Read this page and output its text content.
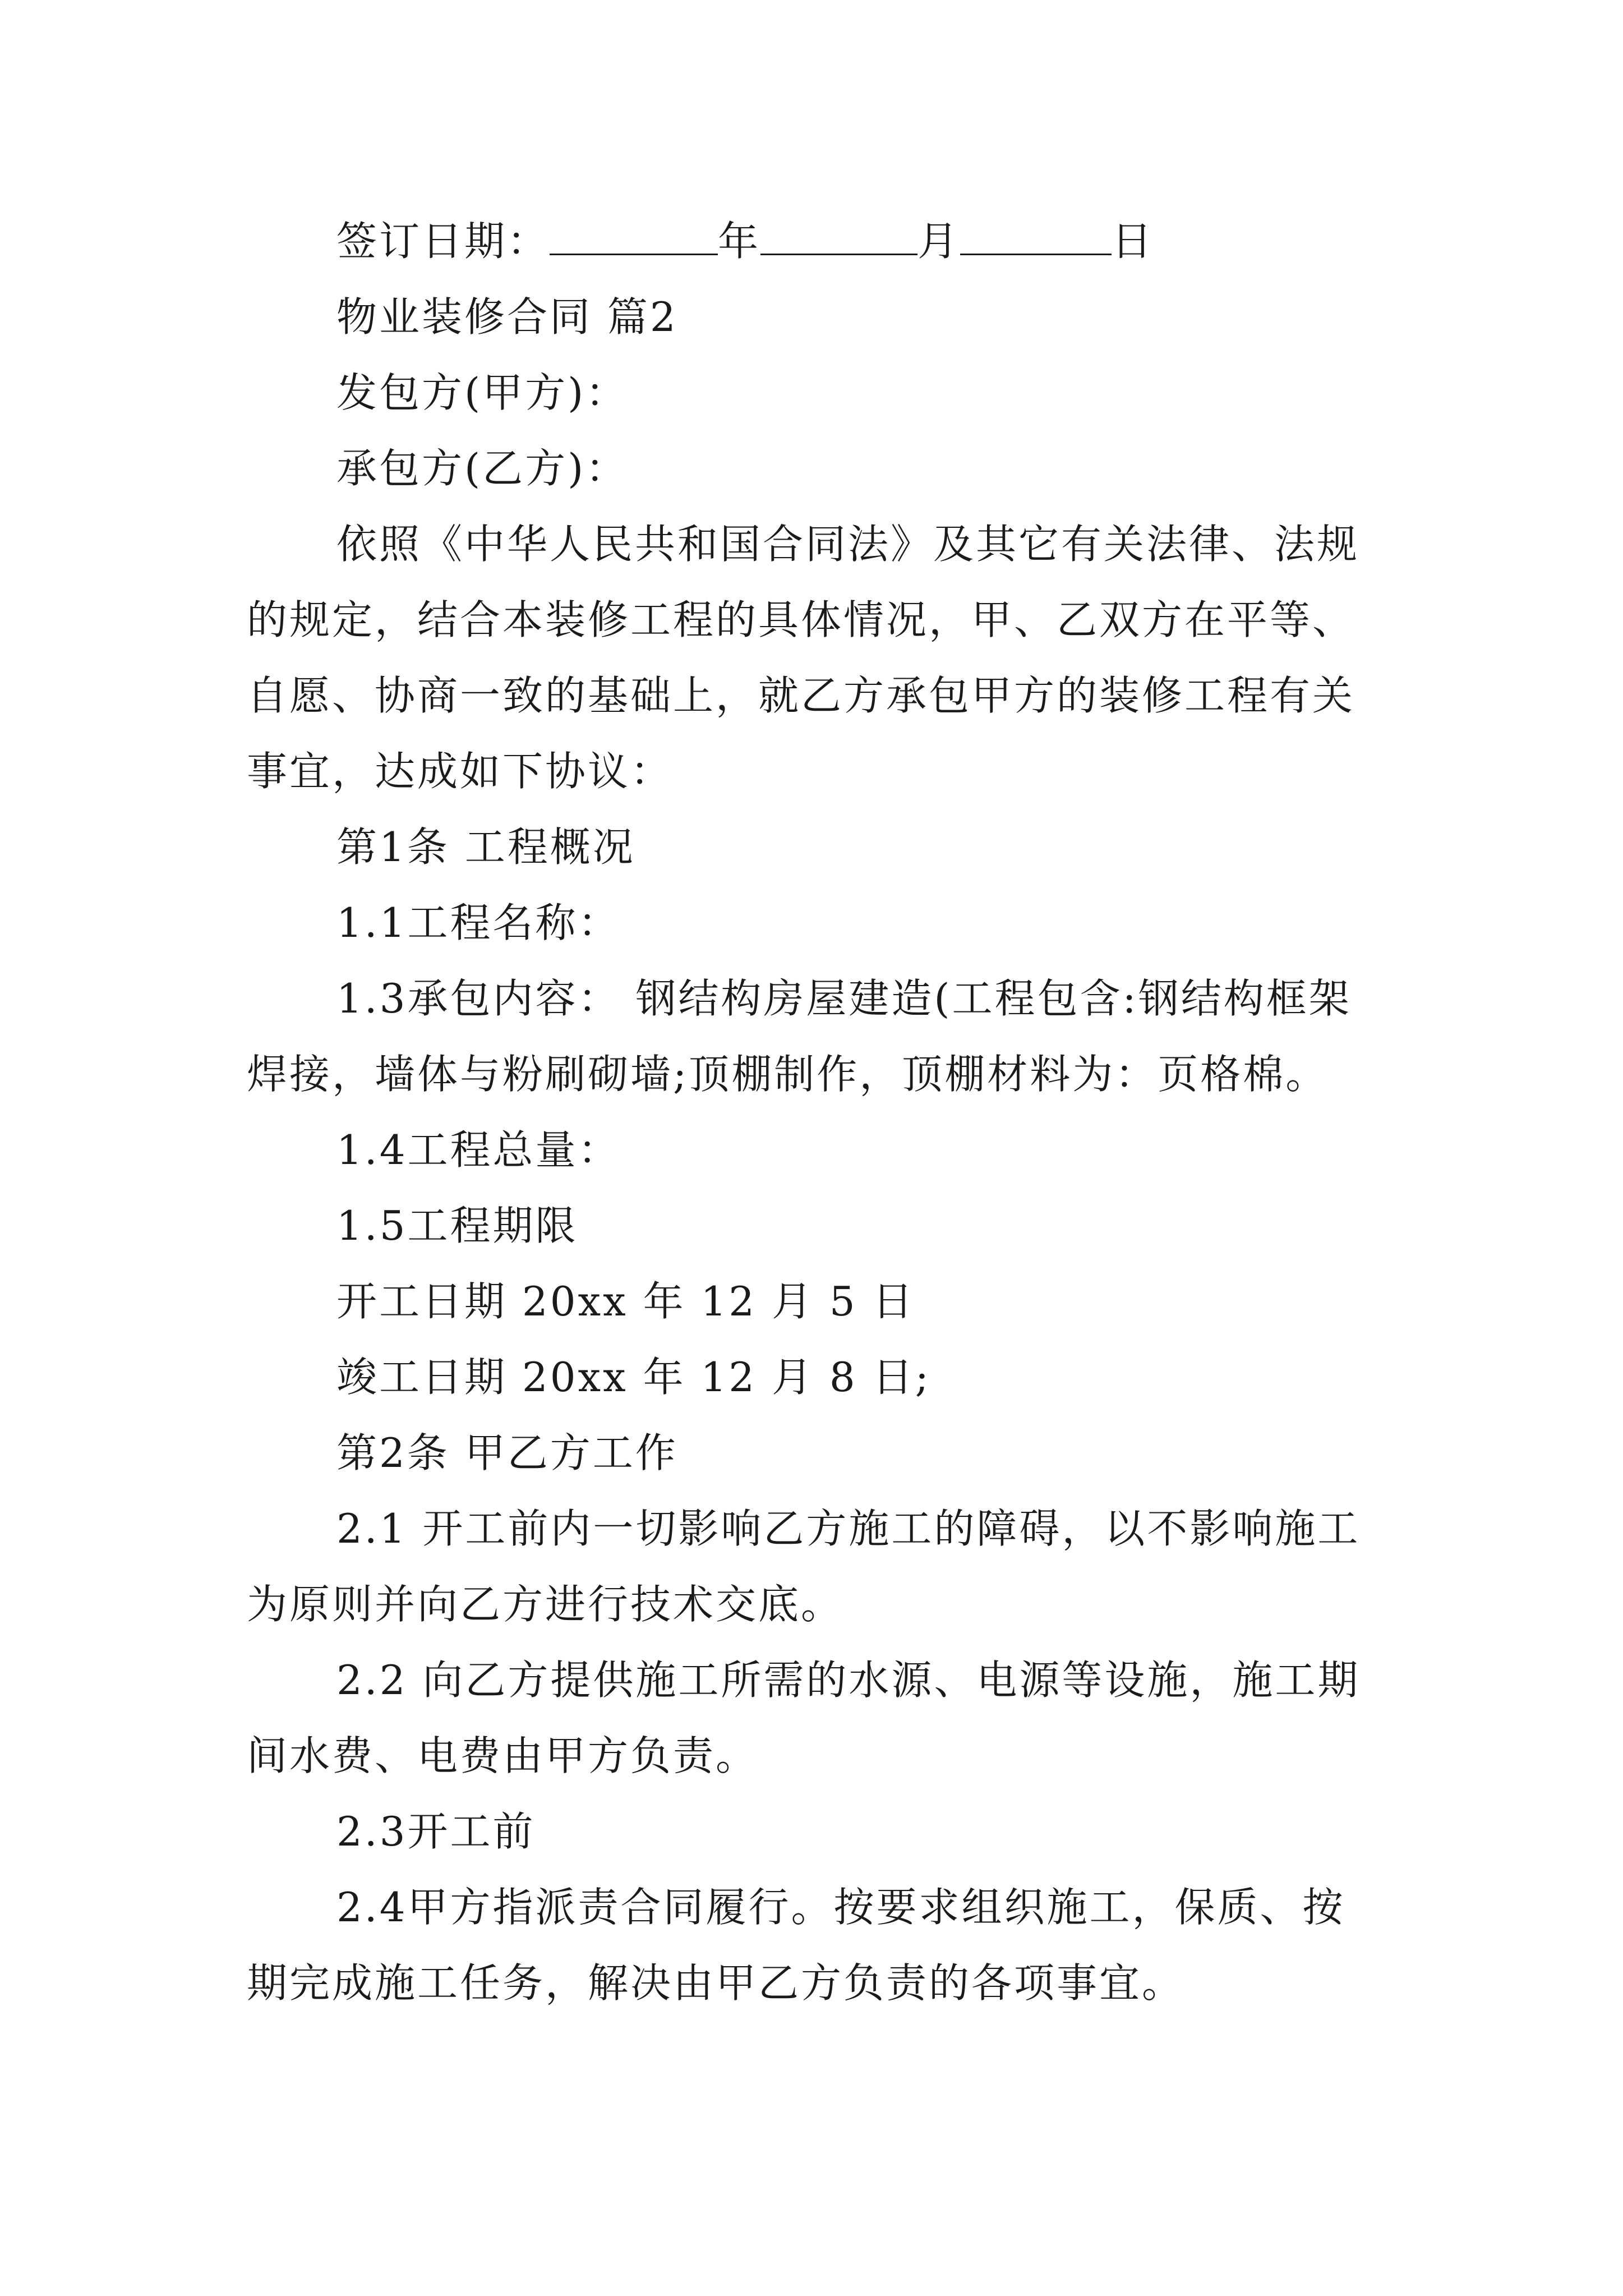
签订日期：	年	月	日
物业装修合同 篇2
发包方(甲方)：
承包方(乙方)：
依照《中华人民共和国合同法》及其它有关法律、法规
的规定，结合本装修工程的具体情况，甲、乙双方在平等、
自愿、协商一致的基础上，就乙方承包甲方的装修工程有关
事宜，达成如下协议：
第1条 工程概况
1.1工程名称：
1.3承包内容： 钢结构房屋建造(工程包含:钢结构框架
焊接，墙体与粉刷砌墙;顶棚制作，顶棚材料为：页格棉。
1.4工程总量：
1.5工程期限
开工日期 20xx 年 12 月 5 日
竣工日期 20xx 年 12 月 8 日;
第2条 甲乙方工作
2.1 开工前内一切影响乙方施工的障碍，以不影响施工
为原则并向乙方进行技术交底。
2.2 向乙方提供施工所需的水源、电源等设施，施工期
间水费、电费由甲方负责。
2.3开工前
2.4甲方指派责合同履行。按要求组织施工，保质、按
期完成施工任务，解决由甲乙方负责的各项事宜。
